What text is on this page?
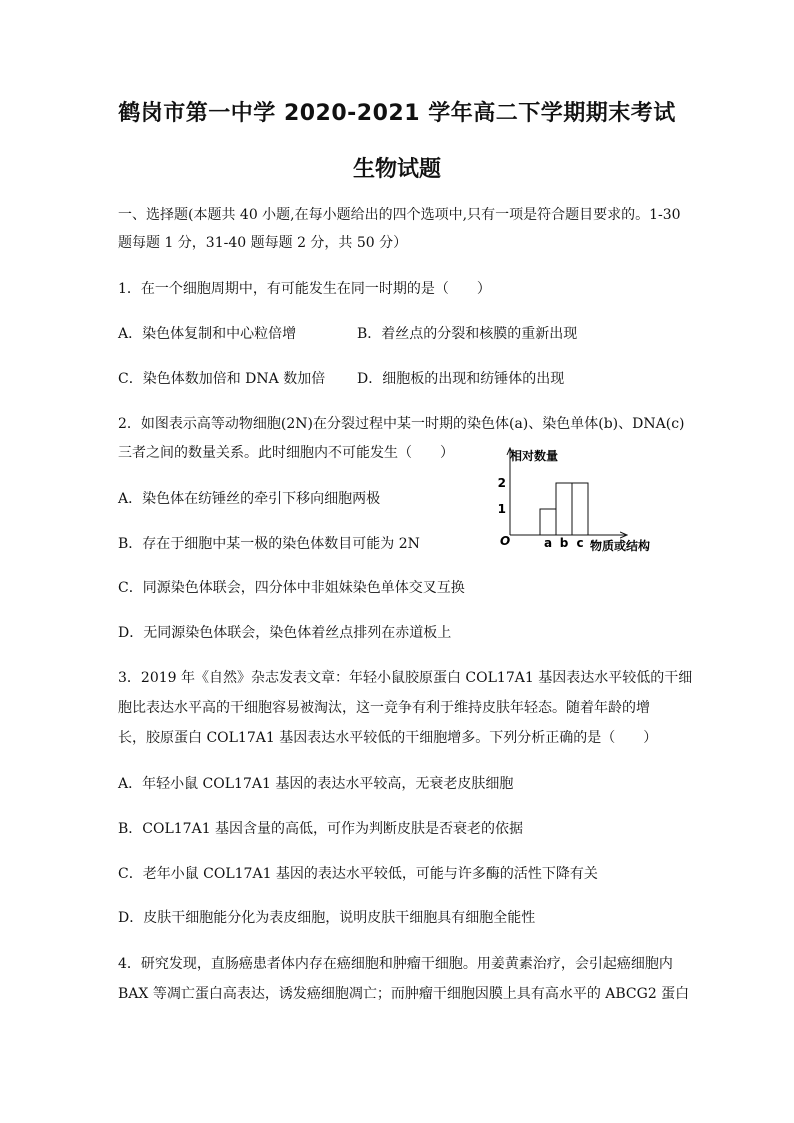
鹤岗市第一中学 2020-2021 学年高二下学期期末考试
生物试题
一、选择题(本题共 40 小题,在每小题给出的四个选项中,只有一项是符合题目要求的。1-30
题每题 1 分，31-40 题每题 2 分，共 50 分）
1．在一个细胞周期中，有可能发生在同一时期的是（　　）
A．染色体复制和中心粒倍增	B．着丝点的分裂和核膜的重新出现
C．染色体数加倍和 DNA 数加倍 D．细胞板的出现和纺锤体的出现
2．如图表示高等动物细胞(2N)在分裂过程中某一时期的染色体(a)、染色单体(b)、DNA(c)
三者之间的数量关系。此时细胞内不可能发生（　　）
A．染色体在纺锤丝的牵引下移向细胞两极
B．存在于细胞中某一极的染色体数目可能为 2N
C．同源染色体联会，四分体中非姐妹染色单体交叉互换
D．无同源染色体联会，染色体着丝点排列在赤道板上
相对数量
物质或结构
O
1
2
a b c
3．2019 年《自然》杂志发表文章：年轻小鼠胶原蛋白 COL17A1 基因表达水平较低的干细
胞比表达水平高的干细胞容易被淘汰，这一竞争有利于维持皮肤年轻态。随着年龄的增
长，胶原蛋白 COL17A1 基因表达水平较低的干细胞增多。下列分析正确的是（　　）
A．年轻小鼠 COL17A1 基因的表达水平较高，无衰老皮肤细胞
B．COL17A1 基因含量的高低，可作为判断皮肤是否衰老的依据
C．老年小鼠 COL17A1 基因的表达水平较低，可能与许多酶的活性下降有关
D．皮肤干细胞能分化为表皮细胞，说明皮肤干细胞具有细胞全能性
4．研究发现，直肠癌患者体内存在癌细胞和肿瘤干细胞。用姜黄素治疗，会引起癌细胞内
BAX 等凋亡蛋白高表达，诱发癌细胞凋亡；而肿瘤干细胞因膜上具有高水平的 ABCG2 蛋白
